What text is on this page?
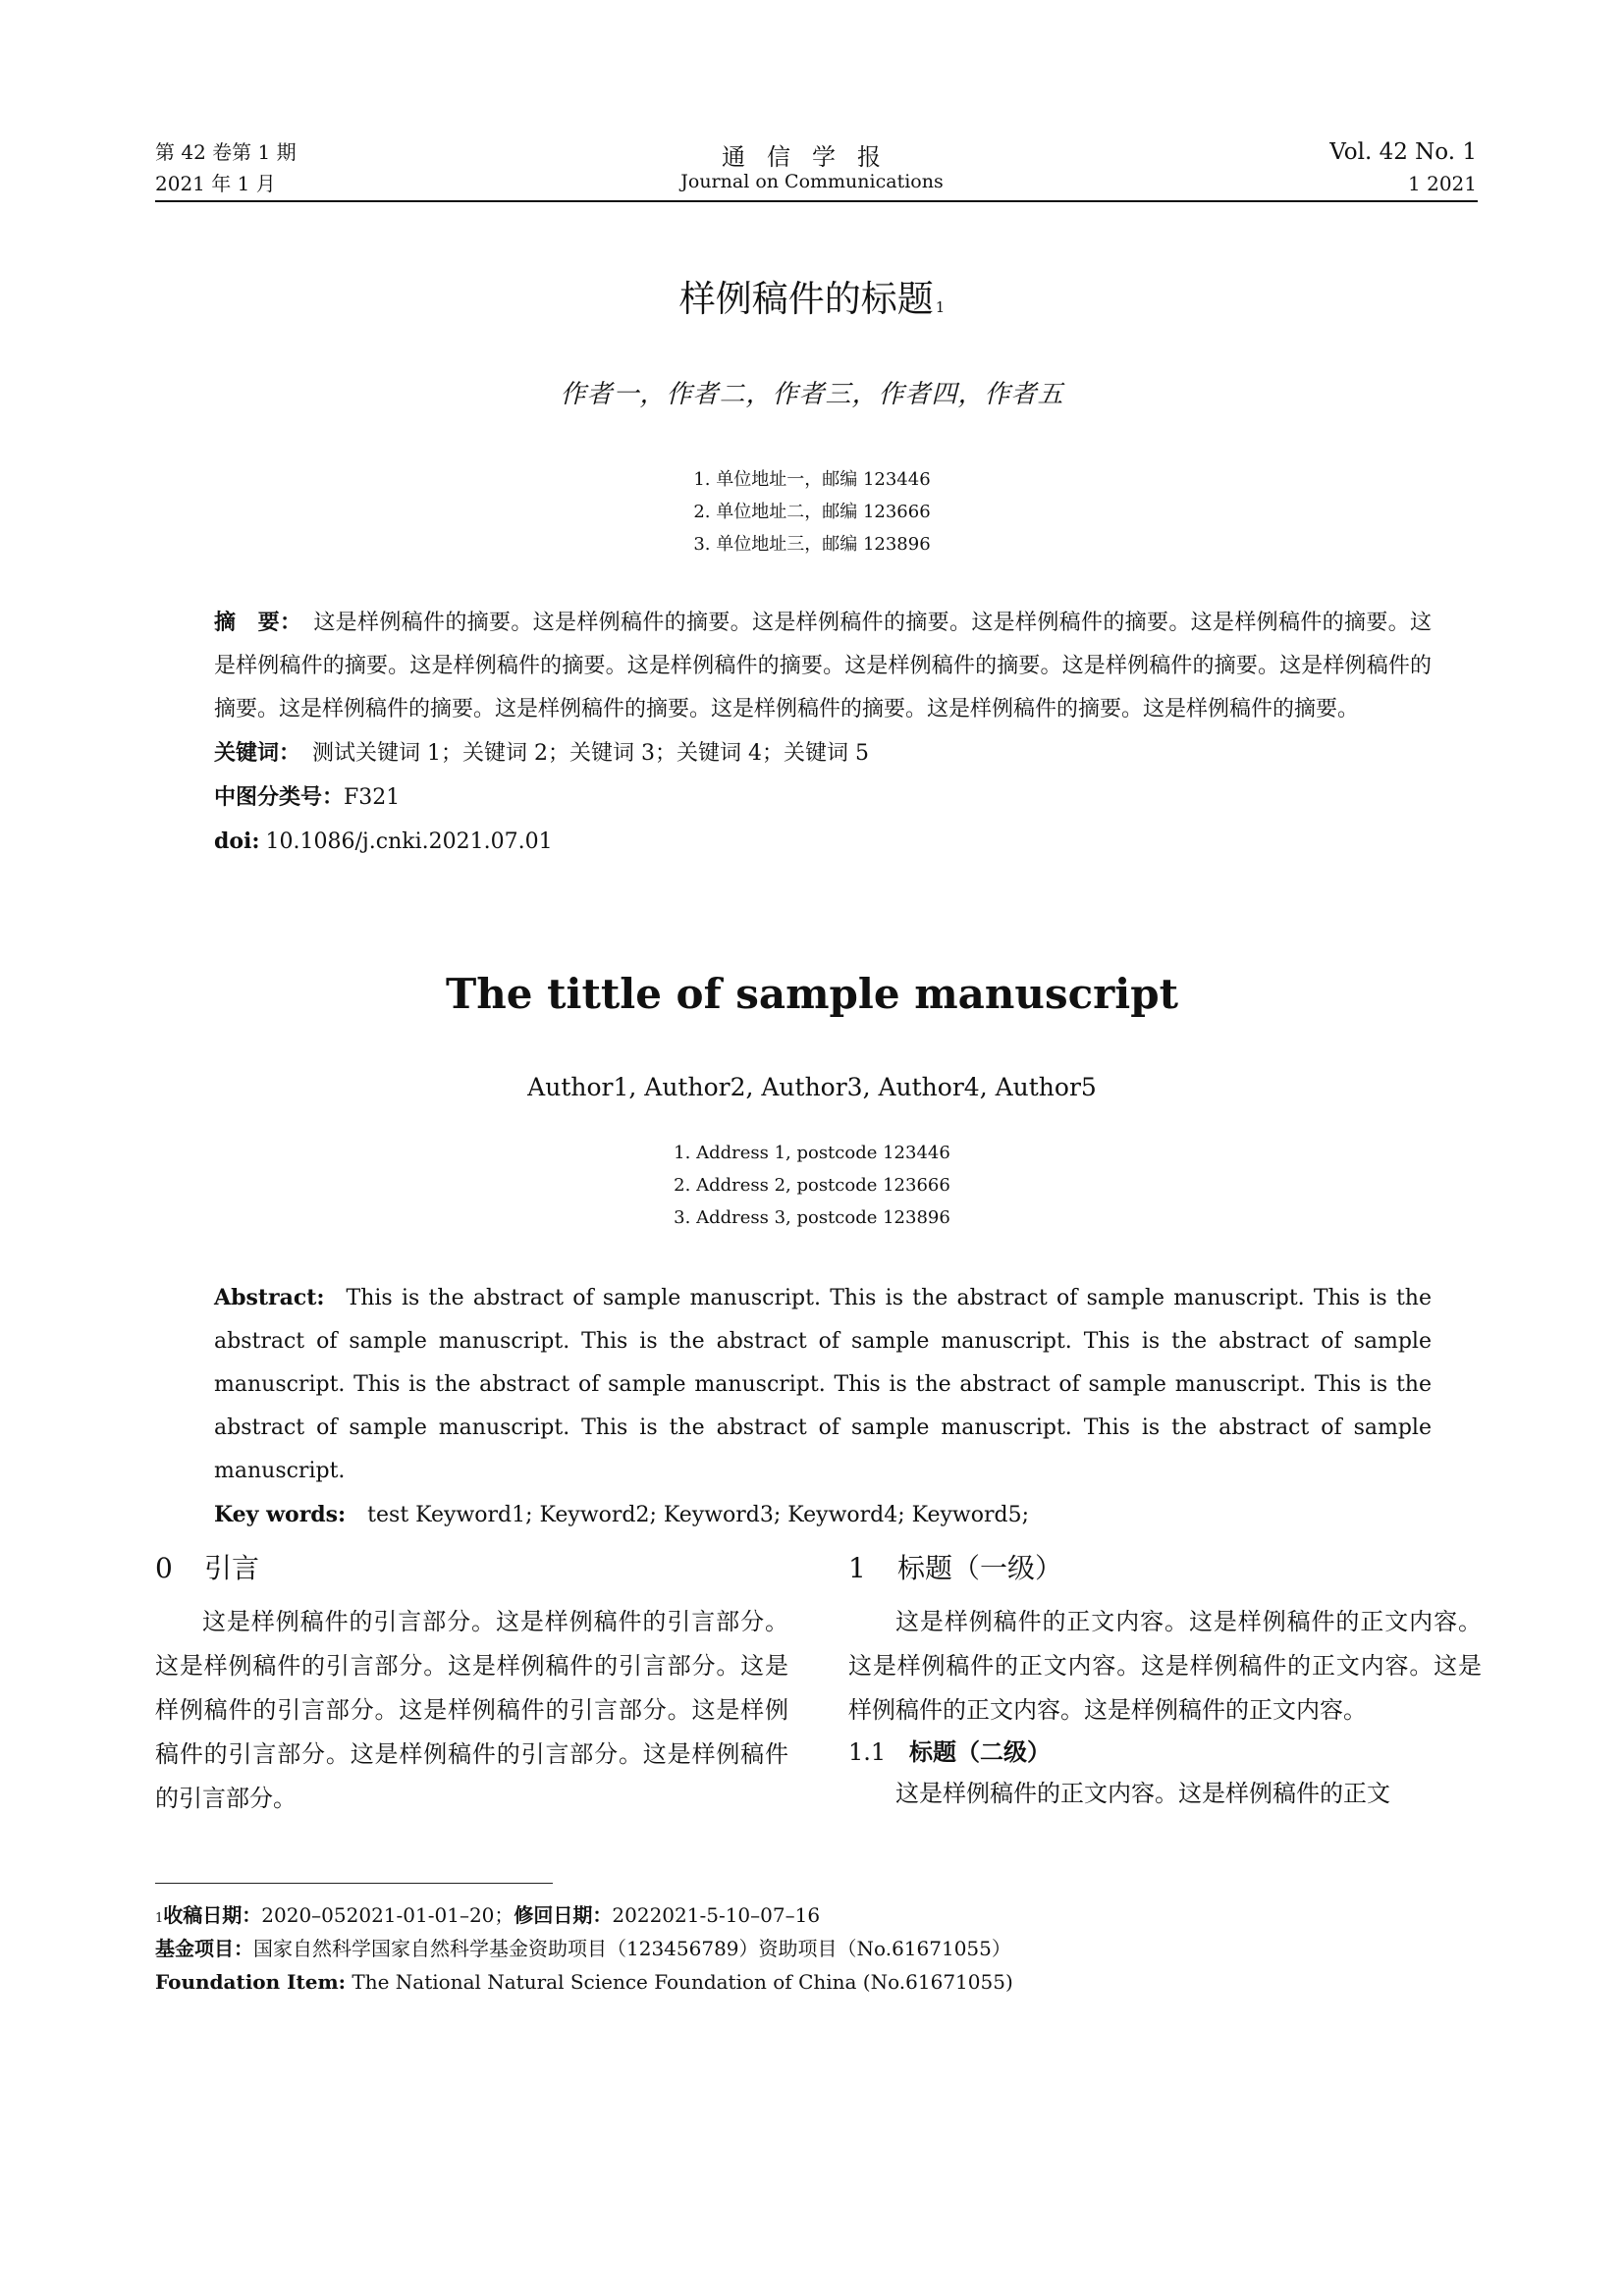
第 42 卷第 1 期
2021 年 1 月
通信学报
Journal on Communications
Vol. 42 No. 1
1 2021
样例稿件的标题 $^1$
作者一，作者二，作者三，作者四，作者五
1. 单位地址一，邮编 123446
2. 单位地址二，邮编 123666
3. 单位地址三，邮编 123896
摘　要： 这是样例稿件的摘要。这是样例稿件的摘要。这是样例稿件的摘要。这是样例稿件的摘要。这是样例稿件的摘要。这是样例稿件的摘要。这是样例稿件的摘要。这是样例稿件的摘要。这是样例稿件的摘要。这是样例稿件的摘要。这是样例稿件的摘要。这是样例稿件的摘要。这是样例稿件的摘要。这是样例稿件的摘要。这是样例稿件的摘要。这是样例稿件的摘要。
关键词： 测试关键词 1；关键词 2；关键词 3；关键词 4；关键词 5
中图分类号：F321
doi: 10.1086/j.cnki.2021.07.01
The tittle of sample manuscript
Author1, Author2, Author3, Author4, Author5
1. Address 1, postcode 123446
2. Address 2, postcode 123666
3. Address 3, postcode 123896
Abstract: This is the abstract of sample manuscript. This is the abstract of sample manuscript. This is the abstract of sample manuscript. This is the abstract of sample manuscript. This is the abstract of sample manuscript. This is the abstract of sample manuscript. This is the abstract of sample manuscript. This is the abstract of sample manuscript. This is the abstract of sample manuscript. This is the abstract of sample manuscript.
Key words: test Keyword1; Keyword2; Keyword3; Keyword4; Keyword5;
0 引言

这是样例稿件的引言部分。这是样例稿件的引言部分。这是样例稿件的引言部分。这是样例稿件的引言部分。这是样例稿件的引言部分。这是样例稿件的引言部分。这是样例稿件的引言部分。这是样例稿件的引言部分。这是样例稿件的引言部分。

1 标题（一级）

这是样例稿件的正文内容。这是样例稿件的正文内容。这是样例稿件的正文内容。这是样例稿件的正文内容。这是样例稿件的正文内容。这是样例稿件的正文内容。

1.1 标题（二级）

这是样例稿件的正文内容。这是样例稿件的正文

$^1$收稿日期：2020–052021-01-01–20；修回日期：2022021-5-10–07–16
基金项目：国家自然科学国家自然科学基金资助项目（123456789）资助项目（No.61671055）
Foundation Item: The National Natural Science Foundation of China (No.61671055)
